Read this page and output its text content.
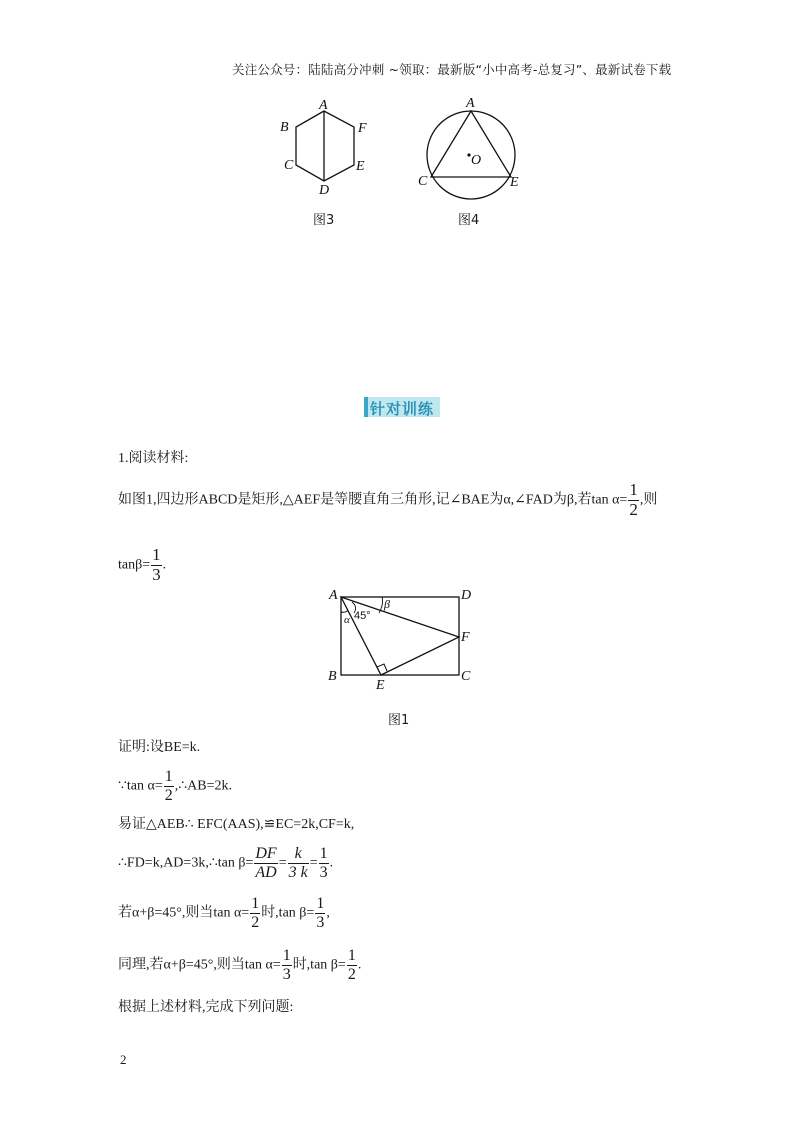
关注公众号：陆陆高分冲刺 ~领取：最新版“小中高考-总复习”、最新试卷下载
A
B	F
C	E
D
图3
A
O
C	E
图4
针对训练
1.阅读材料:
如图1,四边形ABCD是矩形,△AEF是等腰直角三角形,记∠BAE为α,∠FAD为β,若$\tan \alpha= \frac{1}{2}$ ,则
$\tan\beta= \frac{1}{3}$ .
A	D
B	C
E
F
β
α 45°
图1
证明:设BE=k.
∵tan $\alpha= \frac{1}{2}$ ,∴AB=2k.
易证△AEB∴ EFC(AAS),≌EC=2k,CF=k,
∴FD=k,AD=3k,∴tan $\beta= \frac{DF}{AD} = \frac{k}{3 k} = \frac{1}{3}$ .
若α+β=45°,则当$\tan \alpha= \frac{1}{2}$ 时,tan $\beta= \frac{1}{3}$ ,
同理,若α+β=45°,则当$\tan \alpha= \frac{1}{3}$ 时,tan $\beta= \frac{1}{2}$ .
根据上述材料,完成下列问题:
2
